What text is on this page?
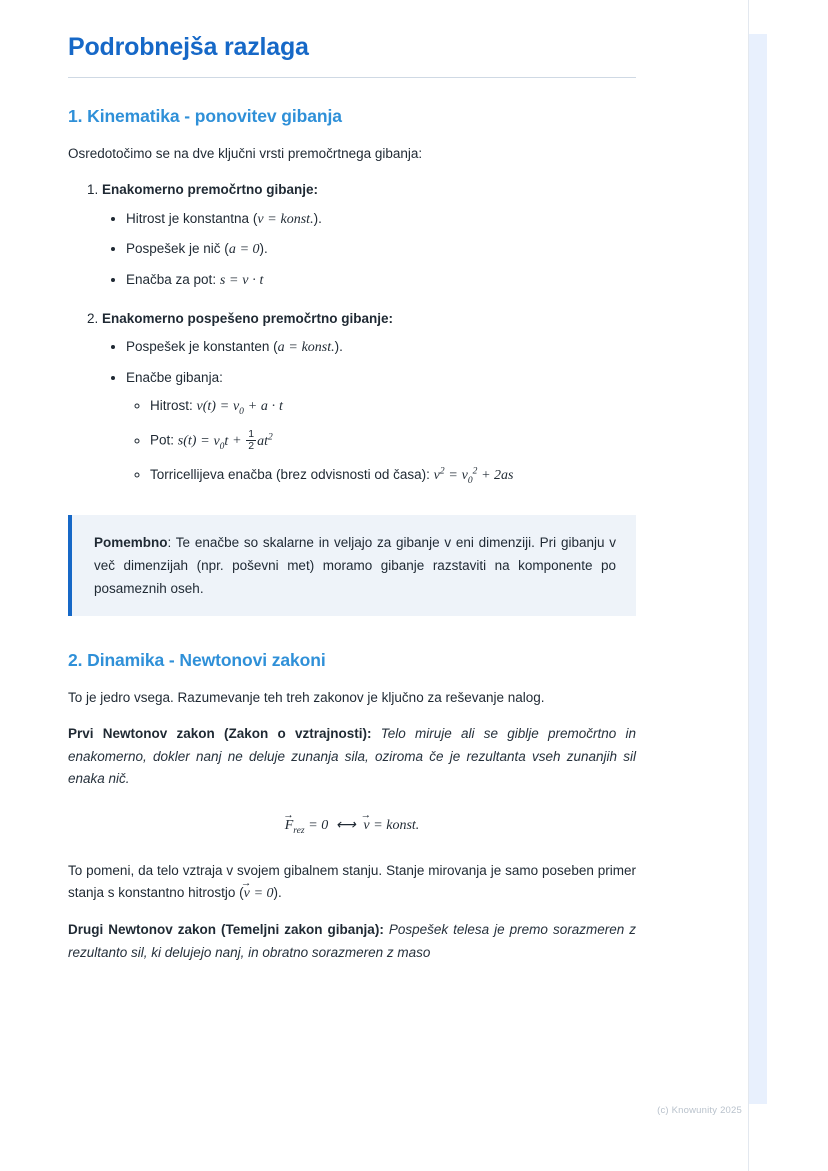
Podrobnejša razlaga
1. Kinematika - ponovitev gibanja

Osredotočimo se na dve ključni vrsti premočrtnega gibanja:

1. Enakomerno premočrtno gibanje:
• Hitrost je konstantna (v = konst.).
• Pospešek je nič (a = 0).
• Enačba za pot: s = v · t
2. Enakomerno pospešeno premočrtno gibanje:
• Pospešek je konstanten (a = konst.).
• Enačbe gibanja:
◦ Hitrost: $v(t) = v_0 + a \cdot t$
◦ Pot: $s(t) = v_0t + \frac{1}{2} at^2$
◦ Torricellijeva enačba (brez odvisnosti od časa): $v^2 = v_0^2 + 2as$

Pomembno: Te enačbe so skalarne in veljajo za gibanje v eni dimenziji. Pri gibanju v več dimenzijah (npr. poševni met) moramo gibanje razstaviti na komponente po posameznih oseh.

2. Dinamika - Newtonovi zakoni

To je jedro vsega. Razumevanje teh treh zakonov je ključno za reševanje nalog.

Prvi Newtonov zakon (Zakon o vztrajnosti): Telo miruje ali se giblje premočrtno in enakomerno, dokler nanj ne deluje zunanja sila, oziroma če je rezultanta vseh zunanjih sil enaka nič.

$F \to_{rez} = 0$ ⟷ v → = konst.

To pomeni, da telo vztraja v svojem gibalnem stanju. Stanje mirovanja je samo poseben primer stanja s konstantno hitrostjo (v → = 0).

Drugi Newtonov zakon (Temeljni zakon gibanja): Pospešek telesa je premo sorazmeren z rezultanto sil, ki delujejo nanj, in obratno sorazmeren z maso

(c) Knowunity 2025
